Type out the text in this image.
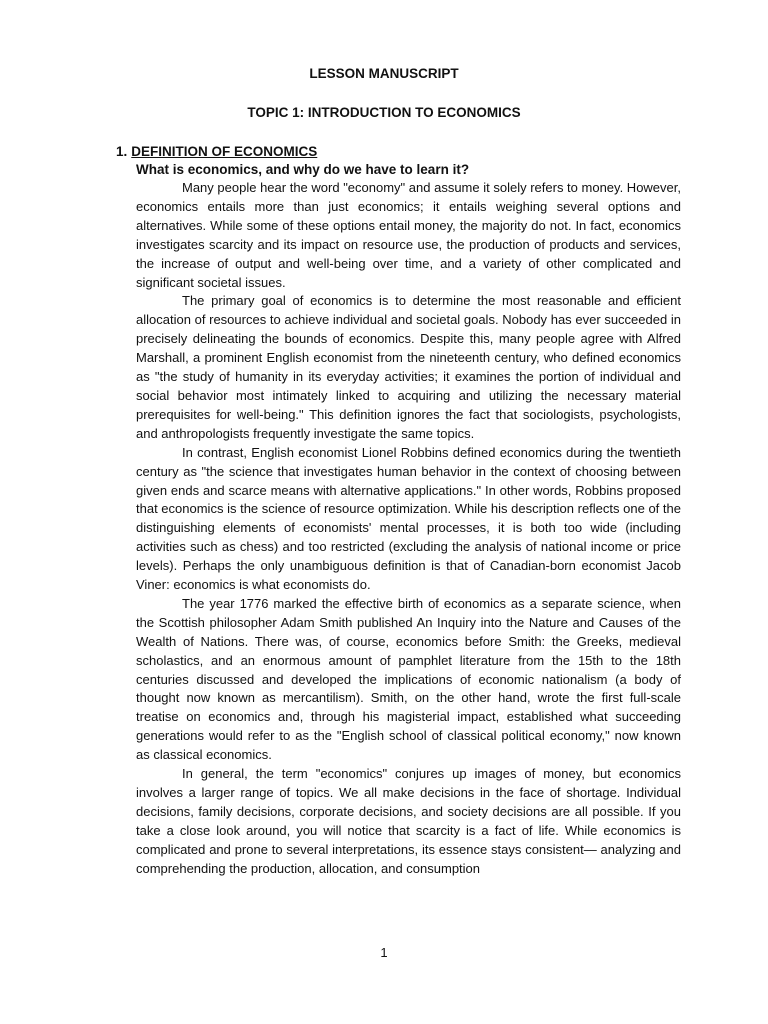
LESSON MANUSCRIPT
TOPIC 1: INTRODUCTION TO ECONOMICS
1. DEFINITION OF ECONOMICS
What is economics, and why do we have to learn it?

Many people hear the word "economy" and assume it solely refers to money. However, economics entails more than just economics; it entails weighing several options and alternatives. While some of these options entail money, the majority do not. In fact, economics investigates scarcity and its impact on resource use, the production of products and services, the increase of output and well-being over time, and a variety of other complicated and significant societal issues.

The primary goal of economics is to determine the most reasonable and efficient allocation of resources to achieve individual and societal goals. Nobody has ever succeeded in precisely delineating the bounds of economics. Despite this, many people agree with Alfred Marshall, a prominent English economist from the nineteenth century, who defined economics as "the study of humanity in its everyday activities; it examines the portion of individual and social behavior most intimately linked to acquiring and utilizing the necessary material prerequisites for well-being." This definition ignores the fact that sociologists, psychologists, and anthropologists frequently investigate the same topics.

In contrast, English economist Lionel Robbins defined economics during the twentieth century as "the science that investigates human behavior in the context of choosing between given ends and scarce means with alternative applications." In other words, Robbins proposed that economics is the science of resource optimization. While his description reflects one of the distinguishing elements of economists' mental processes, it is both too wide (including activities such as chess) and too restricted (excluding the analysis of national income or price levels). Perhaps the only unambiguous definition is that of Canadian-born economist Jacob Viner: economics is what economists do.

The year 1776 marked the effective birth of economics as a separate science, when the Scottish philosopher Adam Smith published An Inquiry into the Nature and Causes of the Wealth of Nations. There was, of course, economics before Smith: the Greeks, medieval scholastics, and an enormous amount of pamphlet literature from the 15th to the 18th centuries discussed and developed the implications of economic nationalism (a body of thought now known as mercantilism). Smith, on the other hand, wrote the first full-scale treatise on economics and, through his magisterial impact, established what succeeding generations would refer to as the "English school of classical political economy," now known as classical economics.

In general, the term "economics" conjures up images of money, but economics involves a larger range of topics. We all make decisions in the face of shortage. Individual decisions, family decisions, corporate decisions, and society decisions are all possible. If you take a close look around, you will notice that scarcity is a fact of life. While economics is complicated and prone to several interpretations, its essence stays consistent— analyzing and comprehending the production, allocation, and consumption

1
